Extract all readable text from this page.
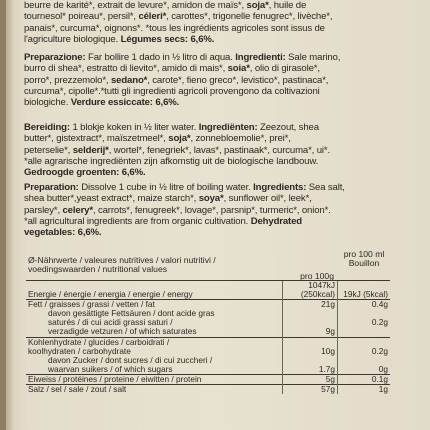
beurre de karité*, extrait de levure*, amidon de maïs*, soja*, huile de
tournesol* poireau*, persil*, céleri*, carottes*, trigonelle fenugrec*, livèche*,
panais*, curcuma*, oignons*. *tous les ingrédients agricoles sont issus de
l'agriculture biologique. Légumes secs: 6,6%.
Preparazione: Far bollire 1 dado in ½ litro di aqua. Ingredienti: Sale marino,
burro di shea*, estratto di lievito*, amido di mais*, soia*, olio di girasole*,
porro*, prezzemolo*, sedano*, carote*, fieno greco*, levistico*, pastinaca*,
curcuma*, cipolle*.*tutti gli ingredienti agricoli provengono da coltivazioni
biologiche. Verdure essiccate: 6,6%.
Bereiding: 1 blokje koken in ½ liter water. Ingrediënten: Zeezout, shea
butter*, gistextract*, maïszetmeel*, soja*, zonnebloemolie*, prei*,
peterselie*, selderij*, wortel*, fenegriek*, lavas*, pastinaak*, curcuma*, ui*.
*alle agrarische ingrediënten zijn afkomstig uit de biologische landbouw.
Gedroogde groenten: 6,6%.
Preparation: Dissolve 1 cube in ½ litre of boiling water. Ingredients: Sea salt,
shea butter*,yeast extract*, maize starch*, soya*, sunflower oil*, leek*,
parsley*, celery*, carrots*, fenugreek*, lovage*, parsnip*, turmeric*, onion*.
*all agricultural ingredients are from organic cultivation. Dehydrated
vegetables: 6,6%.
Ø-Nährwerte / valeures nutritives / valori nutritivi /
voedingswaarden / nutritional values
pro 100g
pro 100 ml
Bouillon
Energie / énergie / energia / energie / energy	1047kJ (250kcal)	19kJ (5kcal)
Fett / graisses / grassi / vetten / fat	21g	0.4g
davon gesättigte Fettsäuren / dont acide gras		
saturés / di cui acidi grassi saturi /		0.2g
verzadigde vetzuren / of which saturates	9g	
Kohlenhydrate / glucides / carboidrati /		
koolhydraten / carbohydrate	10g	0.2g
davon Zucker / dont sucres / di cui zuccheri /		
waarvan suikers / of which sugars	1.7g	0g
Eiweiss / protéines / proteine / eiwitten / protein	5g	0.1g
Salz / sel / sale / zout / salt	57g	1g
